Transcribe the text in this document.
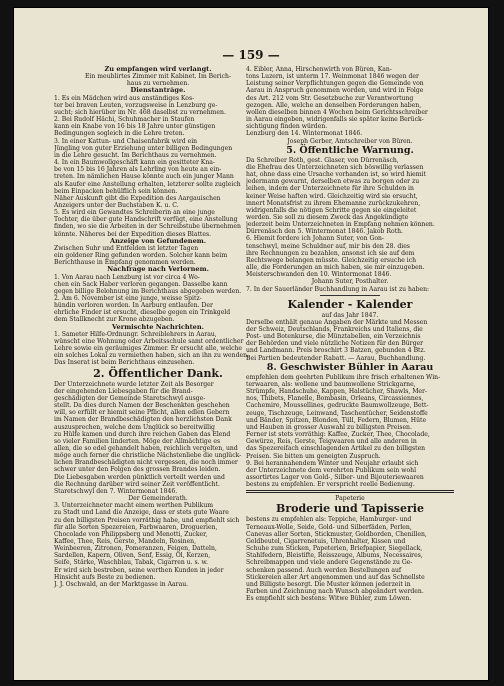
— 159 —
Zu empfangen wird verlangt.
Ein meublirtes Zimmer mit Kabinet. Im Berich-
haus zu vernehmen.
Dienstanträge.
1. Es ein Mädchen wird aus anständiges Kos-
ter bei braven Leuten, vorzugsweise in Lenzburg ge-
sucht; sich hierüber im Nr. 468 daselbst zu vernehmen.
2. Bei Rudolf Hächi, Schuhmacher in Staufen
kann ein Knabe von 16 bis 18 Jahre unter günstigen
Bedingungen sogleich in die Lehre treten.
3. In einer Kattun- und Chaisenfabrik wird ein
Jüngling von guter Erziehung unter billigen Bedingungen
in die Lehre gesucht. Im Berichthaus zu vernehmen.
4. In ein Baumwollgeschäft kann ein gesitteter Kna-
be von 15 bis 16 Jahren als Lehrling von heute an ein-
treten. Im nämlichen Hause könnte auch ein junger Mann
als Kaufer eine Anstellung erhalten, letzterer sollte zugleich
beim Einpacken behülflich sein können.
Näher Auskunft gibt die Expedition des Aargauischen
Anzeigers unter der Buchstaben K. u. C.
5. Es wird ein Gewandtes Schreiberin an eine junge
Tochter, die über gute Handschrift verfügt, eine Anstellung
finden, wo sie die Arbeiten in der Schreibstube übernehmen
könnte. Näheres bei der Expedition dieses Blattes.
Anzeige von Gefundenem.
Zwischen Suhr und Entfelden ist letzter Tagen
ein goldener Ring gefunden worden. Solcher kann beim
Berichthause in Empfang genommen werden.
Nachfrage nach Verlornem.
1. Von Aarau nach Lenzburg ist vor circa 4 Wo-
chen ein Sack Haber verloren gegangen. Dasselbe kann
gegen billige Belohnung im Berichthaus abgegeben werden.
2. Am 6. November ist eine junge, weisse Spitz-
hündin verloren worden. In Aarburg entlaufen. Der
ehrliche Finder ist ersucht, dieselbe gegen ein Trinkgeld
dem Stallknecht zur Krone abzugeben.
Vermischte Nachrichten.
1. Sameter Hilfe-Ordnungr. Schreiblehrers in Aarau,
wünscht eine Wohnung oder Arbeitsschule samt ordentlicher
Lehre sowie ein geräumiges Zimmer. Er ersucht alle, welche
ein solches Lokal zu vermiethen haben, sich an ihn zu wenden.
Das Inserat ist beim Berichthaus einzusehen.
2. Öffentlicher Dank.
Der Unterzeichnete wurde letzter Zeit als Besorger
der eingehenden Liebesgaben für die Brand-
geschädigten der Gemeinde Staretschwyl ausge-
stellt. Da dies durch Namen der Beschenkten geschehen
will, so erfüllt er hiemit seine Pflicht, allen edlen Gebern
im Namen der Brandbeschädigten den herzlichsten Dank
auszusprechen, welche dem Unglück so bereitwillig
zu Hülfe kamen und durch ihre reichen Gaben das Elend
so vieler Familien linderten. Möge der Allmächtige es
allen, die so edel gehandelt haben, reichlich vergelten, und
möge auch ferner die christliche Nächstenliebe die unglück-
lichen Brandbeschädigten nicht vergessen, die noch immer
schwer unter den Folgen des grossen Brandes leiden.
Die Liebesgaben werden pünktlich verteilt werden und
die Rechnung darüber wird seiner Zeit veröffentlicht.
Staretschwyl den 7. Wintermonat 1846.
Der Gemeinderath.
3. Unterzeichneter macht einem werthen Publikum
zu Stadt und Land die Anzeige, dass er stets gute Waare
zu den billigsten Preisen vorräthig habe, und empfiehlt sich
für alle Sorten Spezereien, Farbwaaren, Droguerien,
Chocolade von Philippsberg und Menotti, Zucker,
Kaffee, Thee, Reis, Gerste, Mandeln, Rosinen,
Weinbeeren, Zitronen, Pomeranzen, Feigen, Datteln,
Sardellen, Kapern, Oliven, Senf, Essig, Öl, Kerzen,
Seife, Stärke, Waschblau, Tabak, Cigarren u. s. w.
Er wird sich bestreben, seine werthen Kunden in jeder
Hinsicht aufs Beste zu bedienen.
J. J. Oschwald, an der Marktgasse in Aarau.
4. Eibler, Anna, Hirschenwirth von Büren, Kan-
tons Luzern, ist unterm 17. Weinmonat 1846 wegen der
Leistung seiner Verpflichtungen gegen die Gemeinde von
Aarau in Anspruch genommen worden, und wird in Folge
des Art. 212 vom Str. Gesetzbuche zur Verantwortung
gezogen. Alle, welche an denselben Forderungen haben,
wollen dieselben binnen 4 Wochen beim Gerichtsschreiber
in Aarau eingeben, widrigenfalls sie später keine Berück-
sichtigung finden würden.
Lenzburg den 14. Wintermonat 1846.
Joseph Gerber, Amtschreiber von Büren.
5. Öffentliche Warnung.
Da Schreiber Roth, gest. Glaser, von Dürrenäsch,
die Ehefrau des Unterzeichneten sich böswillig verlassen
hat, ohne dass eine Ursache vorhanden ist, so wird hiemit
jedermann gewarnt, derselben etwas zu borgen oder zu
leihen, indem der Unterzeichnete für ihre Schulden in
keiner Weise haften wird. Gleichzeitig wird sie ersucht,
innert Monatsfrist zu ihrem Ehemanne zurückzukehren,
widrigenfalls die nötigen Schritte gegen sie eingeleitet
werden. Sie soll zu diesem Zweck das Angekündigte
jederzeit beim Unterzeichneten in Empfang nehmen können.
Dürrenäsch den 5. Wintermonat 1846. Jakob Roth.
6. Hiemit fordere ich Johann Suter, von Gon-
tenschwyl, meine Schuldner auf, mir bis den 28. dies
ihre Rechnungen zu bezahlen, ansonst ich sie auf dem
Rechtswege belangen müsste. Gleichzeitig ersuche ich
alle, die Forderungen an mich haben, sie mir einzugeben.
Meisterschwanden den 10. Wintermonat 1846.
Johann Suter, Posthalter.
7. In der Sauerländer Buchhandlung in Aarau ist zu haben:
Kalender - Kalender
auf das Jahr 1847.
Derselbe enthält genaue Angaben der Märkte und Messen
der Schweiz, Deutschlands, Frankreichs und Italiens, die
Post- und Botenkurse, die Münztabellen, ein Verzeichnis
der Behörden und viele nützliche Notizen für den Bürger
und Landmann. Preis broschirt 3 Batzen, gebunden 4 Btz.
Bei Partien bedeutender Rabatt. — Aarau, Buchhandlung.
8. Geschwister Bühler in Aarau
empfehlen dem geehrten Publikum ihre frisch erhaltenen Win-
terwaaren, als: wollene und baumwollene Strickgarne,
Strümpfe, Handschuhe, Kappen, Halstücher, Shawls, Mer-
nos, Thibets, Flanelle, Bombasin, Orleans, Circassiennes,
Cachemire, Moussellines, gedruckte Baumwollzeuge, Bett-
zeuge, Tischzeuge, Leinwand, Taschentücher, Seidenstoffe
und Bänder, Spitzen, Blonden, Tüll, Federn, Blumen, Hüte
und Hauben in grosser Auswahl zu billigsten Preisen.
Ferner ist stets vorräthig: Kaffee, Zucker, Thee, Chocolade,
Gewürze, Reis, Gerste, Teigwaaren und alle anderen in
das Spezereifach einschlagenden Artikel zu den billigsten
Preisen. Sie bitten um geneigten Zuspruch.
9. Bei herannahendem Winter und Neujahr erlaubt sich
der Unterzeichnete dem verehrten Publikum sein wohl
assortirtes Lager von Gold-, Silber- und Bijouteriewaaren
bestens zu empfehlen. Er verspricht reelle Bedienung.
Papeterie
Broderie und Tapisserie
bestens zu empfehlen als: Teppiche, Hamburger- und
Terneaux-Wolle, Seide, Gold- und Silberfäden, Perlen,
Canevas aller Sorten, Stickmuster, Goldborden, Chenillen,
Geldbeutel, Cigarrenetuis, Uhrenhalter, Kissen und
Schuhe zum Sticken, Papeterien, Briefpapier, Siegellack,
Stahlfedern, Bleistifte, Reisszeuge, Albums, Necessaires,
Schreibmappen und viele andere Gegenstände zu Ge-
schenken passend. Auch werden Bestellungen auf
Stickereien aller Art angenommen und auf das Schnellste
und Billigste besorgt. Die Muster können jederzeit in
Farben und Zeichnung nach Wunsch abgeändert werden.
Es empfiehlt sich bestens: Witwe Bühler, zum Löwen.
